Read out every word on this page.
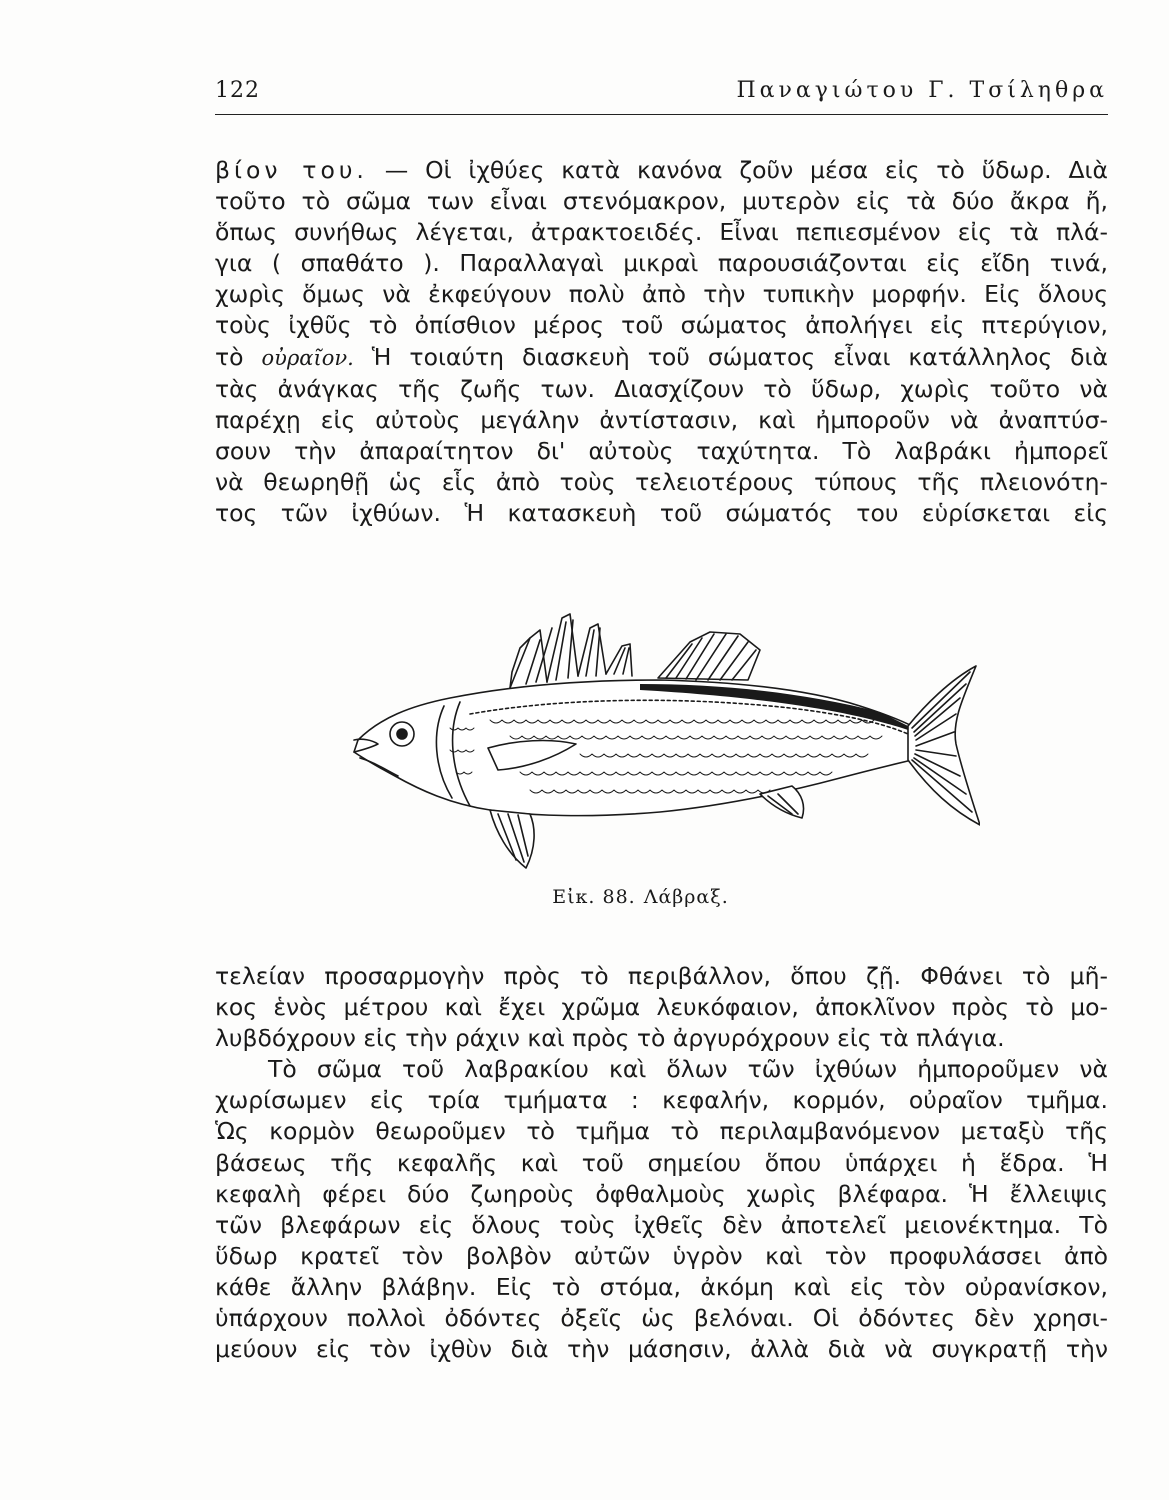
122	Παναγιώτου Γ. Τσίληθρα
βίον του. — Οἱ ἰχθύες κατὰ κανόνα ζοῦν μέσα εἰς τὸ ὕδωρ. Διὰ
τοῦτο τὸ σῶμα των εἶναι στενόμακρον, μυτερὸν εἰς τὰ δύο ἄκρα ἤ,
ὅπως συνήθως λέγεται, ἀτρακτοειδές. Εἶναι πεπιεσμένον εἰς τὰ πλά-
για ( σπαθάτο ). Παραλλαγαὶ μικραὶ παρουσιάζονται εἰς εἴδη τινά,
χωρὶς ὅμως νὰ ἐκφεύγουν πολὺ ἀπὸ τὴν τυπικὴν μορφήν. Εἰς ὅλους
τοὺς ἰχθῦς τὸ ὀπίσθιον μέρος τοῦ σώματος ἀπολήγει εἰς πτερύγιον,
τὸ οὐραῖον. Ἡ τοιαύτη διασκευὴ τοῦ σώματος εἶναι κατάλληλος διὰ
τὰς ἀνάγκας τῆς ζωῆς των. Διασχίζουν τὸ ὕδωρ, χωρὶς τοῦτο νὰ
παρέχῃ εἰς αὐτοὺς μεγάλην ἀντίστασιν, καὶ ἠμποροῦν νὰ ἀναπτύσ-
σουν τὴν ἀπαραίτητον δι' αὐτοὺς ταχύτητα. Τὸ λαβράκι ἠμπορεῖ
νὰ θεωρηθῇ ὡς εἷς ἀπὸ τοὺς τελειοτέρους τύπους τῆς πλειονότη-
τος τῶν ἰχθύων. Ἡ κατασκευὴ τοῦ σώματός του εὑρίσκεται εἰς
Εἰκ. 88. Λάβραξ.
τελείαν προσαρμογὴν πρὸς τὸ περιβάλλον, ὅπου ζῇ. Φθάνει τὸ μῆ-
κος ἑνὸς μέτρου καὶ ἔχει χρῶμα λευκόφαιον, ἀποκλῖνον πρὸς τὸ μο-
λυβδόχρουν εἰς τὴν ράχιν καὶ πρὸς τὸ ἀργυρόχρουν εἰς τὰ πλάγια.
Τὸ σῶμα τοῦ λαβρακίου καὶ ὅλων τῶν ἰχθύων ἠμποροῦμεν νὰ
χωρίσωμεν εἰς τρία τμήματα : κεφαλήν, κορμόν, οὐραῖον τμῆμα.
Ὡς κορμὸν θεωροῦμεν τὸ τμῆμα τὸ περιλαμβανόμενον μεταξὺ τῆς
βάσεως τῆς κεφαλῆς καὶ τοῦ σημείου ὅπου ὑπάρχει ἡ ἕδρα. Ἡ
κεφαλὴ φέρει δύο ζωηροὺς ὀφθαλμοὺς χωρὶς βλέφαρα. Ἡ ἔλλειψις
τῶν βλεφάρων εἰς ὅλους τοὺς ἰχθεῖς δὲν ἀποτελεῖ μειονέκτημα. Τὸ
ὕδωρ κρατεῖ τὸν βολβὸν αὐτῶν ὑγρὸν καὶ τὸν προφυλάσσει ἀπὸ
κάθε ἄλλην βλάβην. Εἰς τὸ στόμα, ἀκόμη καὶ εἰς τὸν οὐρανίσκον,
ὑπάρχουν πολλοὶ ὀδόντες ὀξεῖς ὡς βελόναι. Οἱ ὀδόντες δὲν χρησι-
μεύουν εἰς τὸν ἰχθὺν διὰ τὴν μάσησιν, ἀλλὰ διὰ νὰ συγκρατῇ τὴν
